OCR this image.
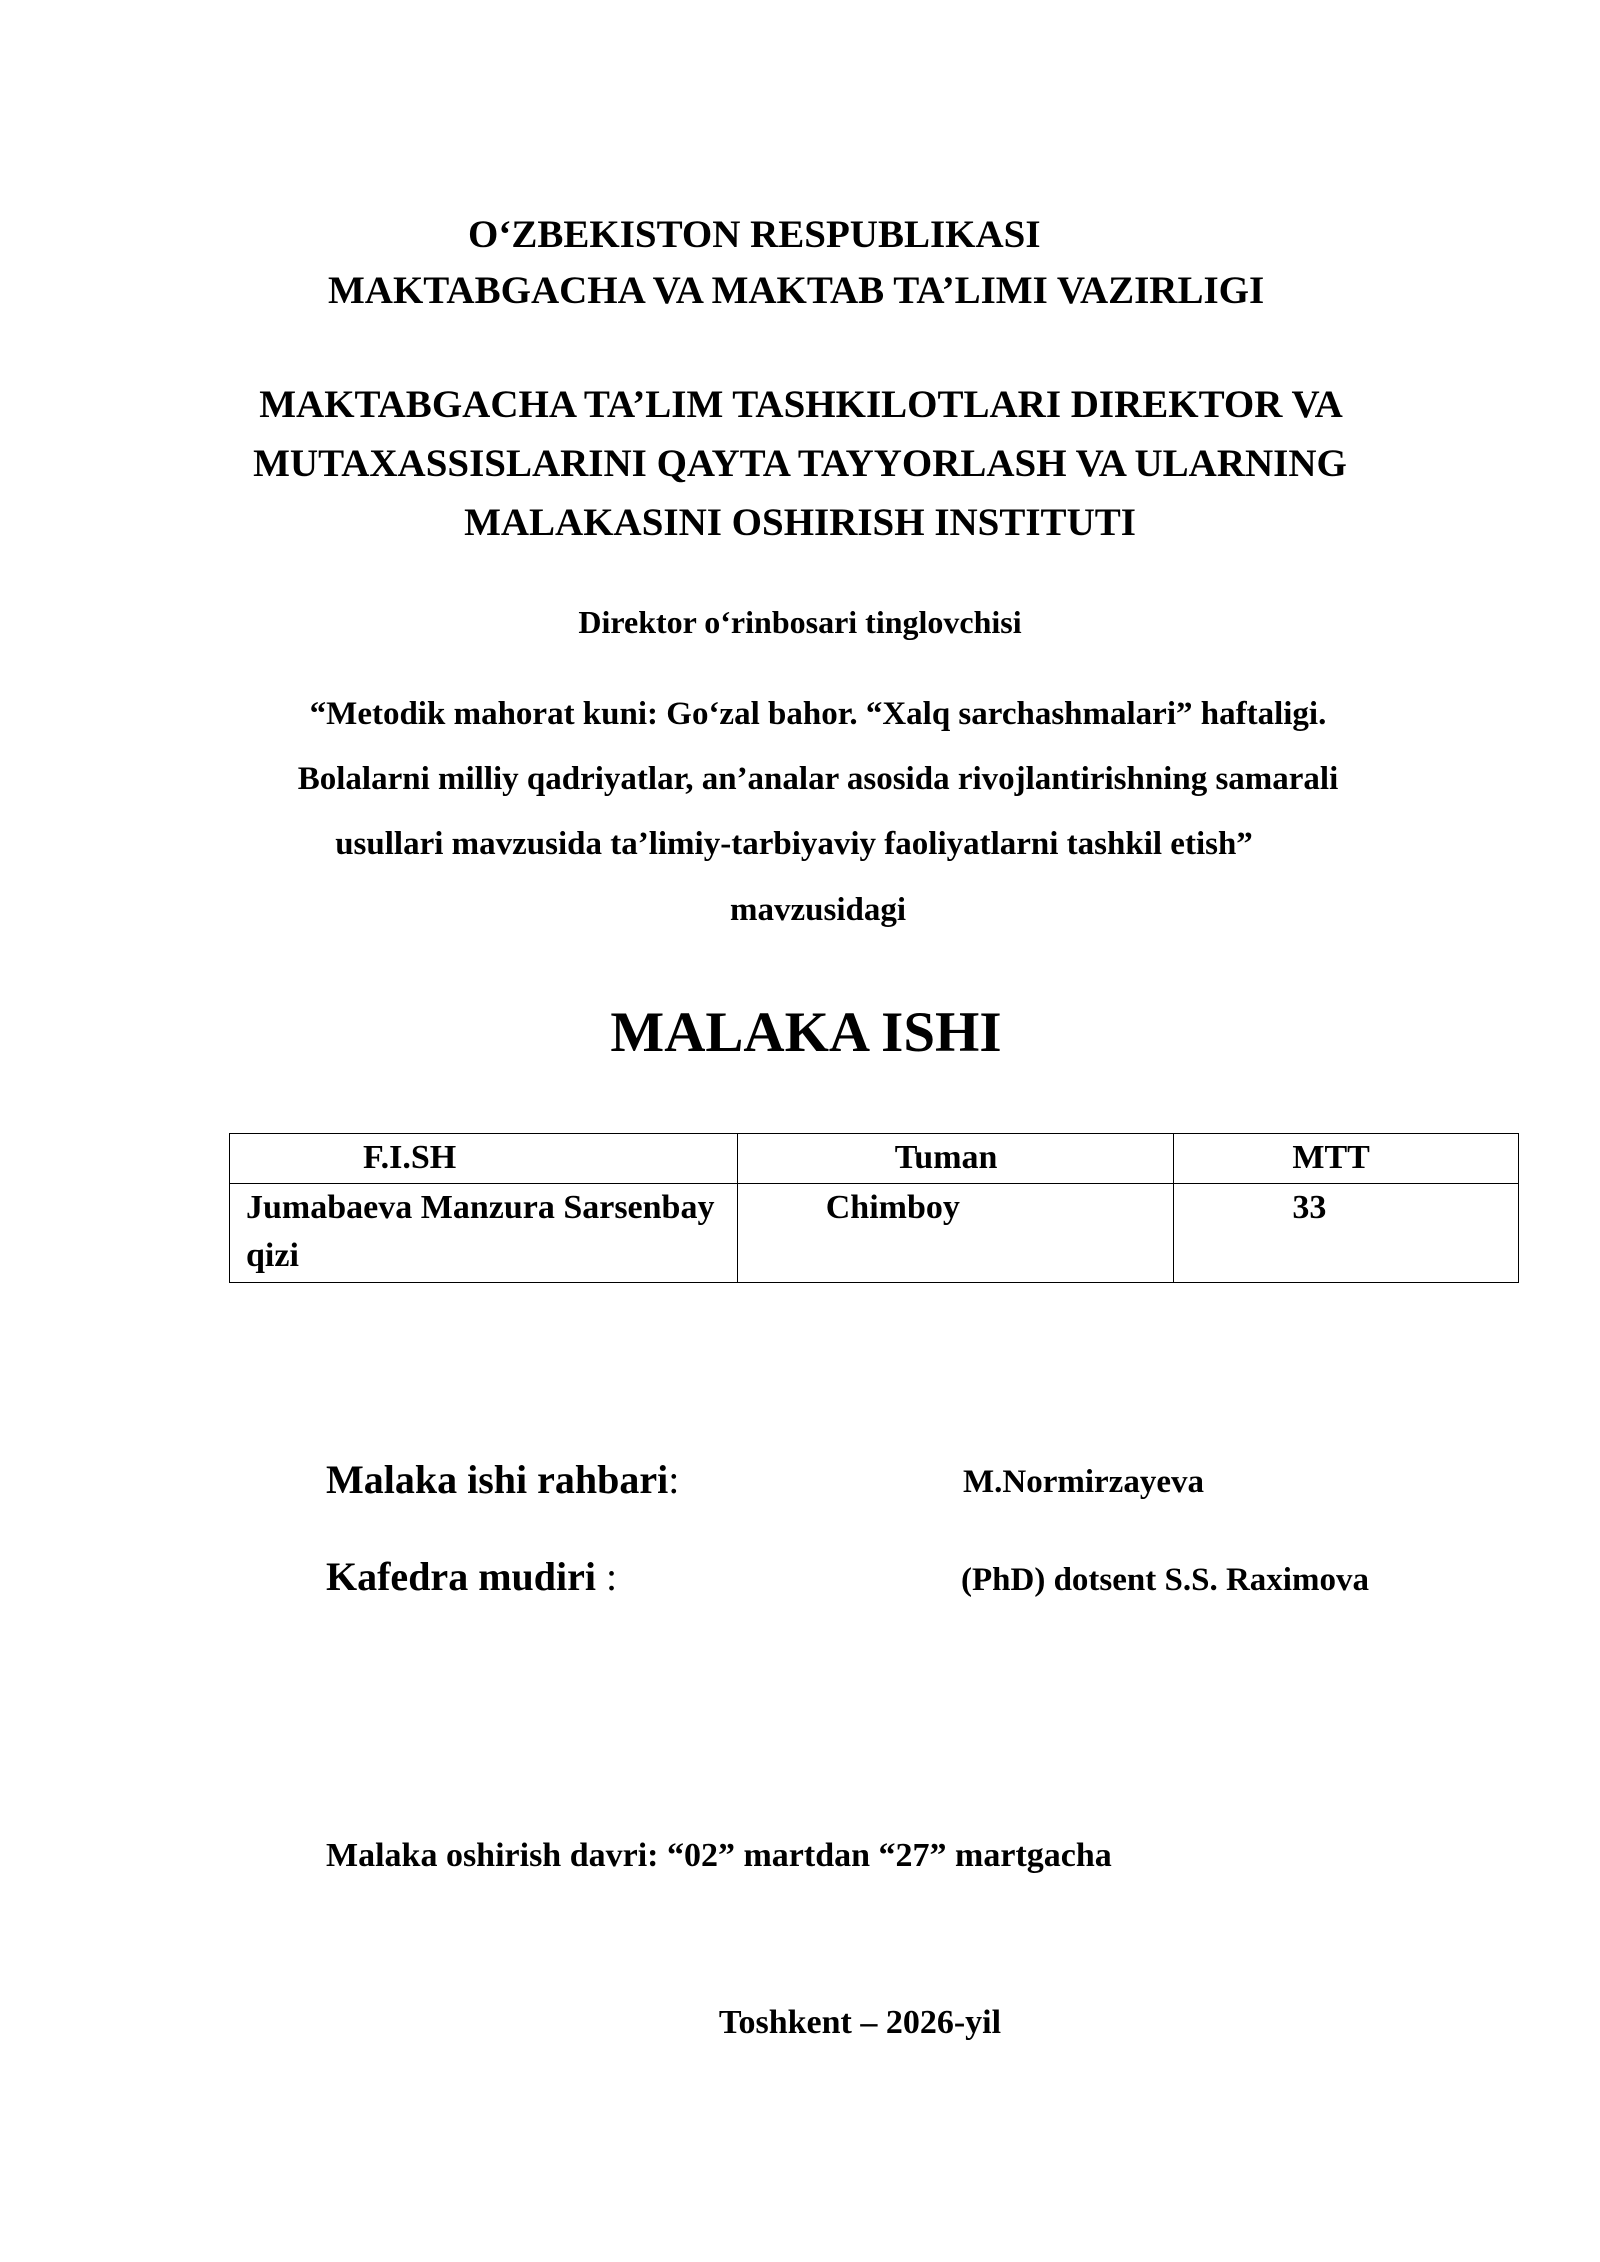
O‘ZBEKISTON RESPUBLIKASI
MAKTABGACHA VA MAKTAB TA’LIMI VAZIRLIGI
MAKTABGACHA TA’LIM TASHKILOTLARI DIREKTOR VA
MUTAXASSISLARINI QAYTA TAYYORLASH VA ULARNING
MALAKASINI OSHIRISH INSTITUTI
Direktor o‘rinbosari tinglovchisi
“Metodik mahorat kuni: Go‘zal bahor. “Xalq sarchashmalari” haftaligi.
Bolalarni milliy qadriyatlar, an’analar asosida rivojlantirishning samarali
usullari mavzusida ta’limiy-tarbiyaviy faoliyatlarni tashkil etish”
mavzusidagi
MALAKA ISHI
F.I.SH	Tuman	MTT

Jumabaeva Manzura Sarsenbay
qizi	Chimboy	33
Malaka ishi rahbari:	M.Normirzayeva
Kafedra mudiri :	(PhD) dotsent S.S. Raximova
Malaka oshirish davri: “02” martdan “27” martgacha
Toshkent – 2026-yil
